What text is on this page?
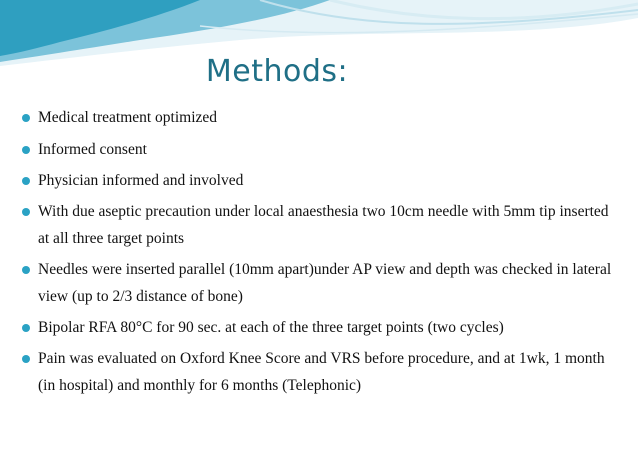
Methods:
Medical treatment optimized
Informed consent
Physician informed and involved
With due aseptic precaution under local anaesthesia two 10cm needle with 5mm tip inserted at all three target points
Needles were inserted parallel (10mm apart)under AP view and depth was checked in lateral view (up to 2/3 distance of bone)
Bipolar RFA 80°C for 90 sec. at each of the three target points (two cycles)
Pain was evaluated on Oxford Knee Score and VRS before procedure, and at 1wk, 1 month (in hospital) and monthly for 6 months (Telephonic)
